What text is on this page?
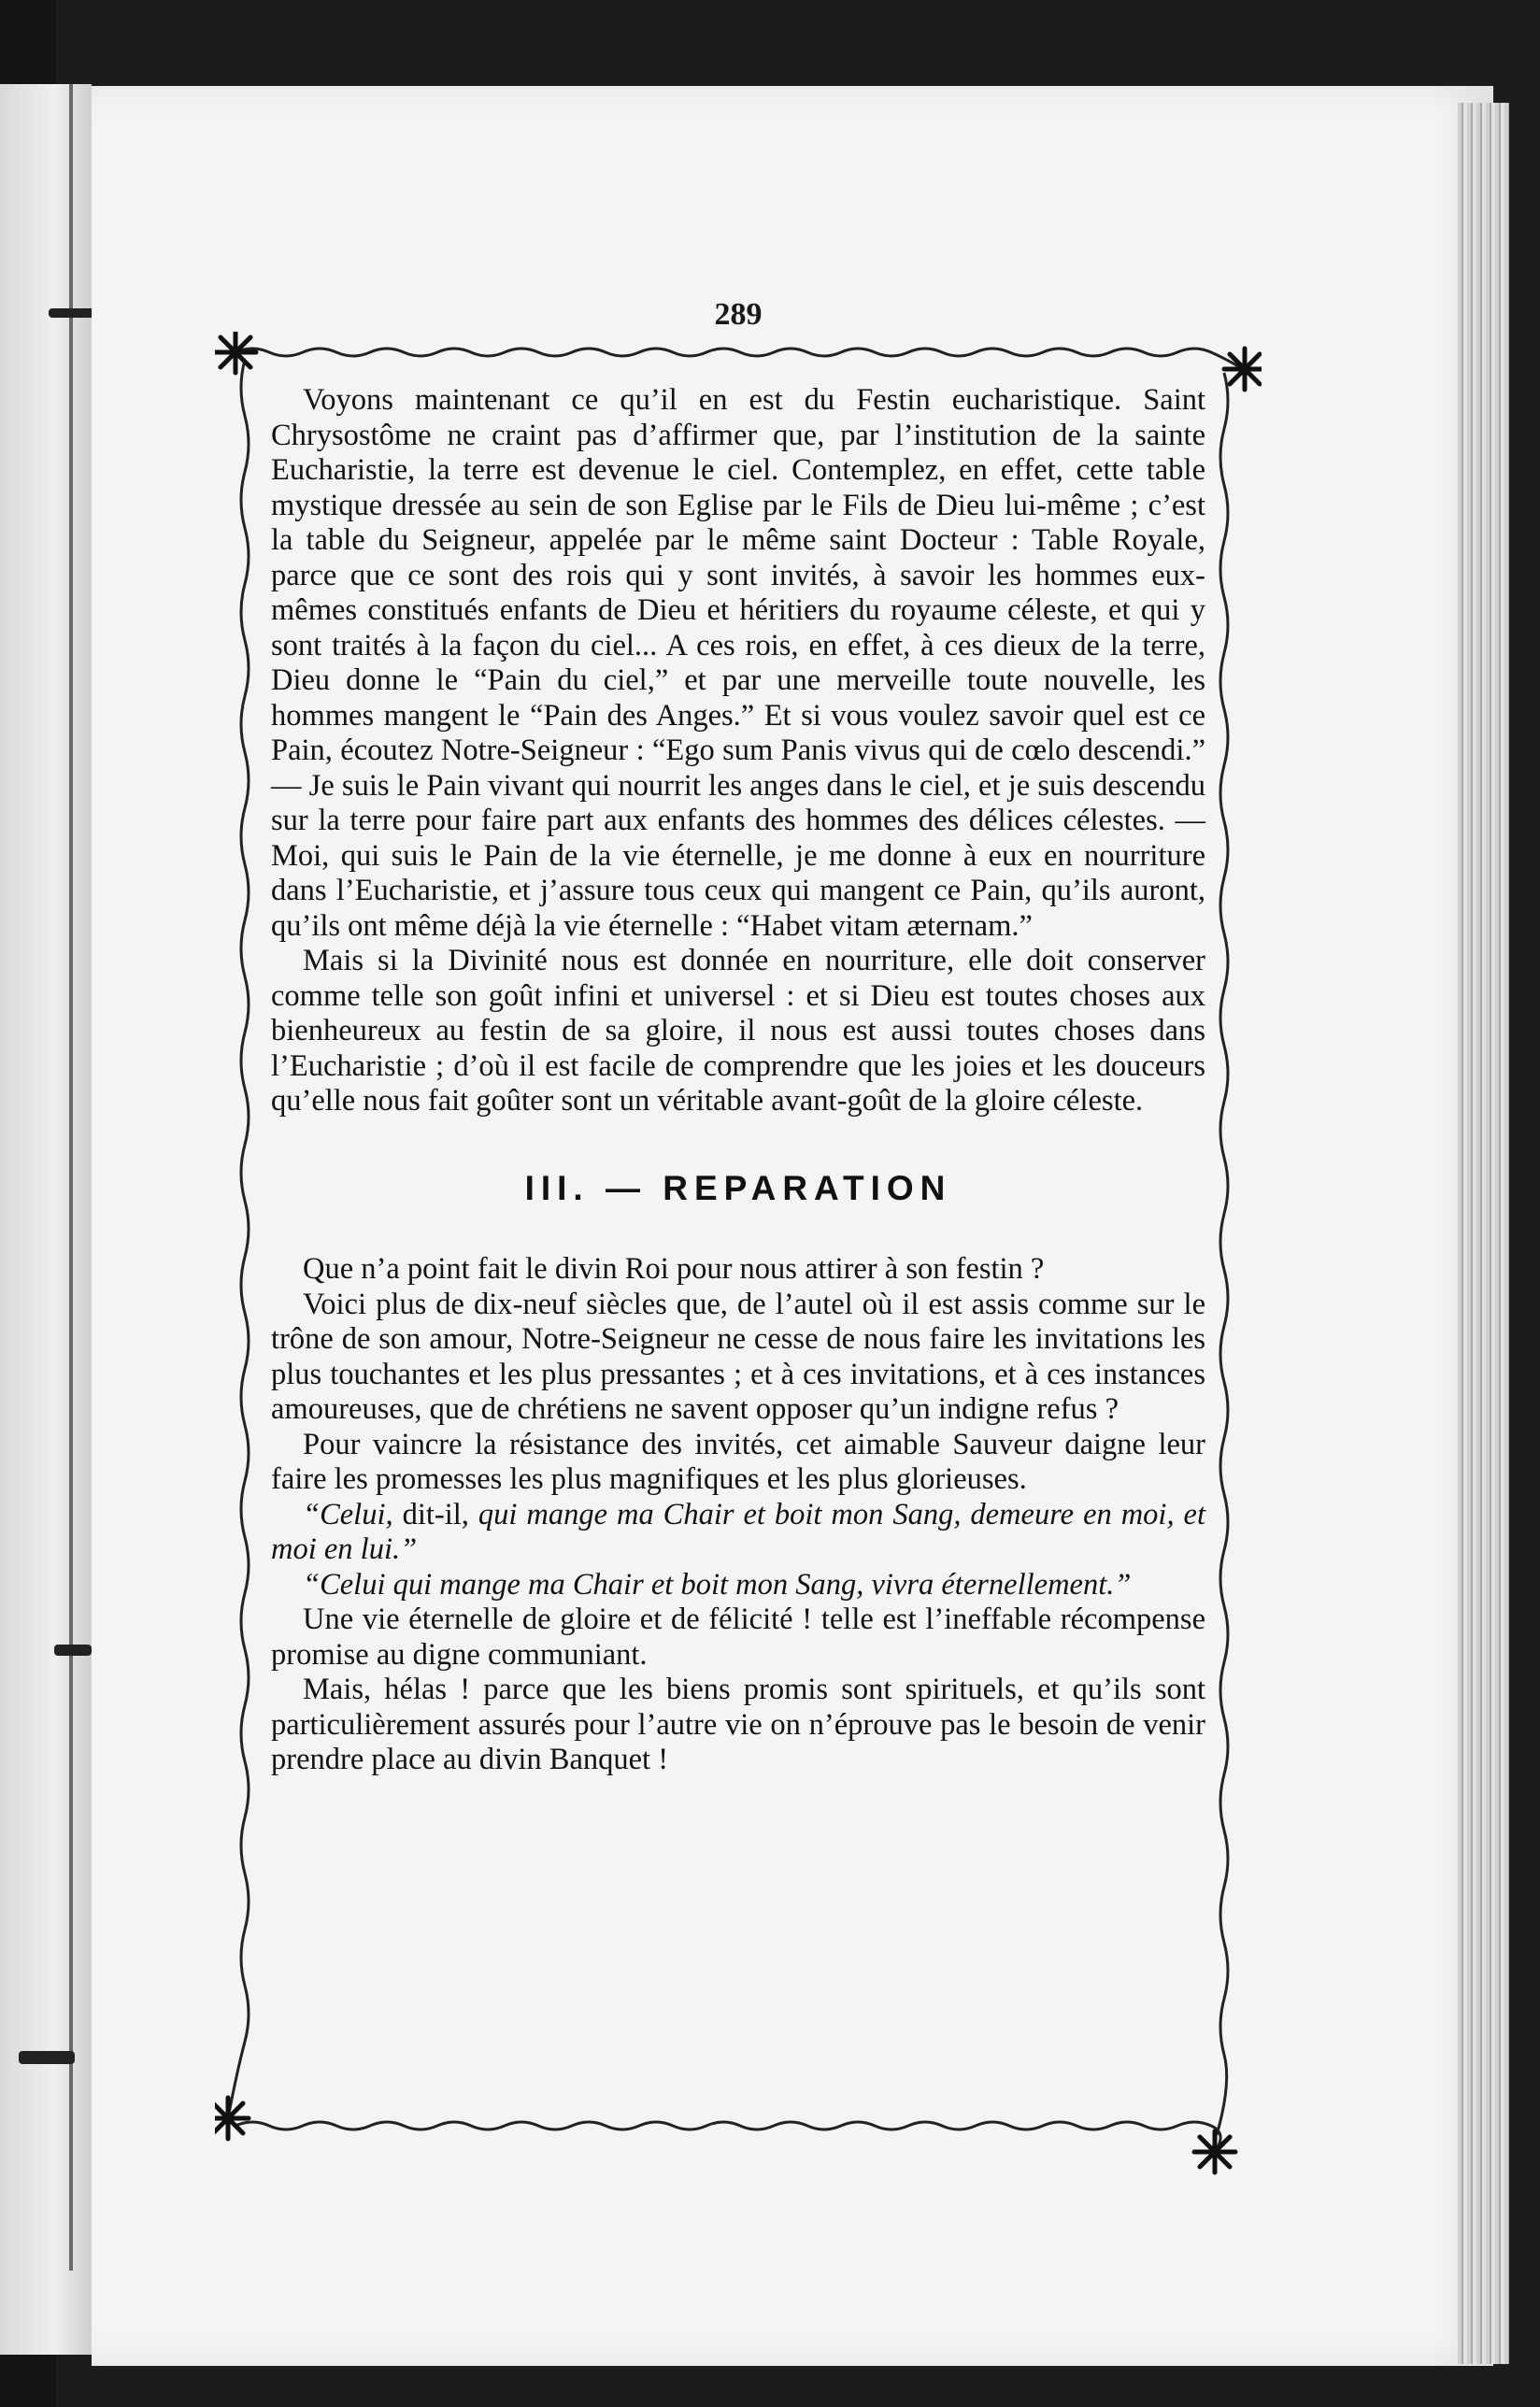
289

Voyons maintenant ce qu’il en est du Festin eucharistique. Saint Chrysostôme ne craint pas d’affirmer que, par l’institution de la sainte Eucharistie, la terre est devenue le ciel. Contemplez, en effet, cette table mystique dressée au sein de son Eglise par le Fils de Dieu lui-même ; c’est la table du Seigneur, appelée par le même saint Docteur : Table Royale, parce que ce sont des rois qui y sont invités, à savoir les hommes eux-mêmes constitués enfants de Dieu et héritiers du royaume céleste, et qui y sont traités à la façon du ciel... A ces rois, en effet, à ces dieux de la terre, Dieu donne le “Pain du ciel,” et par une merveille toute nouvelle, les hommes mangent le “Pain des Anges.” Et si vous voulez savoir quel est ce Pain, écoutez Notre-Seigneur : “Ego sum Panis vivus qui de cœlo descendi.” — Je suis le Pain vivant qui nourrit les anges dans le ciel, et je suis descendu sur la terre pour faire part aux enfants des hommes des délices célestes. — Moi, qui suis le Pain de la vie éternelle, je me donne à eux en nourriture dans l’Eucharistie, et j’assure tous ceux qui mangent ce Pain, qu’ils auront, qu’ils ont même déjà la vie éternelle : “Habet vitam æternam.”

Mais si la Divinité nous est donnée en nourriture, elle doit conserver comme telle son goût infini et universel : et si Dieu est toutes choses aux bienheureux au festin de sa gloire, il nous est aussi toutes choses dans l’Eucharistie ; d’où il est facile de comprendre que les joies et les douceurs qu’elle nous fait goûter sont un véritable avant-goût de la gloire céleste.

III. — REPARATION

Que n’a point fait le divin Roi pour nous attirer à son festin ?

Voici plus de dix-neuf siècles que, de l’autel où il est assis comme sur le trône de son amour, Notre-Seigneur ne cesse de nous faire les invitations les plus touchantes et les plus pressantes ; et à ces invitations, et à ces instances amoureuses, que de chrétiens ne savent opposer qu’un indigne refus ?

Pour vaincre la résistance des invités, cet aimable Sauveur daigne leur faire les promesses les plus magnifiques et les plus glorieuses.

“Celui, dit-il, qui mange ma Chair et boit mon Sang, demeure en moi, et moi en lui.”

“Celui qui mange ma Chair et boit mon Sang, vivra éternellement.”

Une vie éternelle de gloire et de félicité ! telle est l’ineffable récompense promise au digne communiant.

Mais, hélas ! parce que les biens promis sont spirituels, et qu’ils sont particulièrement assurés pour l’autre vie on n’éprouve pas le besoin de venir prendre place au divin Banquet !
